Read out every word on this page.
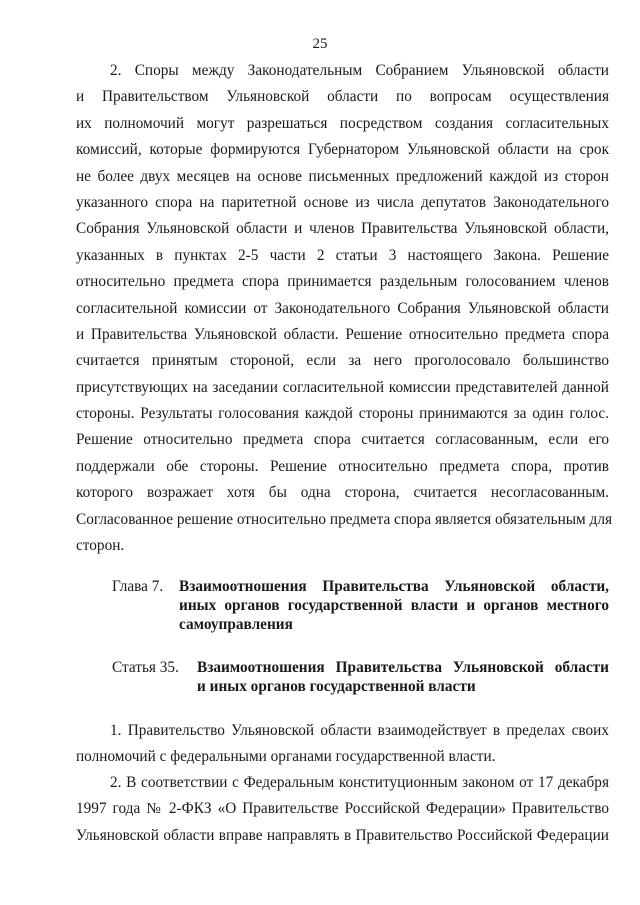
25
2. Споры между Законодательным Собранием Ульяновской области
и Правительством Ульяновской области по вопросам осуществления
их полномочий могут разрешаться посредством создания согласительных
комиссий, которые формируются Губернатором Ульяновской области на срок
не более двух месяцев на основе письменных предложений каждой из сторон
указанного спора на паритетной основе из числа депутатов Законодательного
Собрания Ульяновской области и членов Правительства Ульяновской области,
указанных в пунктах 2-5 части 2 статьи 3 настоящего Закона. Решение
относительно предмета спора принимается раздельным голосованием членов
согласительной комиссии от Законодательного Собрания Ульяновской области
и Правительства Ульяновской области. Решение относительно предмета спора
считается принятым стороной, если за него проголосовало большинство
присутствующих на заседании согласительной комиссии представителей данной
стороны. Результаты голосования каждой стороны принимаются за один голос.
Решение относительно предмета спора считается согласованным, если его
поддержали обе стороны. Решение относительно предмета спора, против
которого возражает хотя бы одна сторона, считается несогласованным.
Согласованное решение относительно предмета спора является обязательным для
сторон.
Глава 7. Взаимоотношения Правительства Ульяновской области,
иных органов государственной власти и органов местного
самоуправления
Статья 35. Взаимоотношения Правительства Ульяновской области
и иных органов государственной власти
1. Правительство Ульяновской области взаимодействует в пределах своих
полномочий с федеральными органами государственной власти.
2. В соответствии с Федеральным конституционным законом от 17 декабря
1997 года № 2-ФКЗ «О Правительстве Российской Федерации» Правительство
Ульяновской области вправе направлять в Правительство Российской Федерации
